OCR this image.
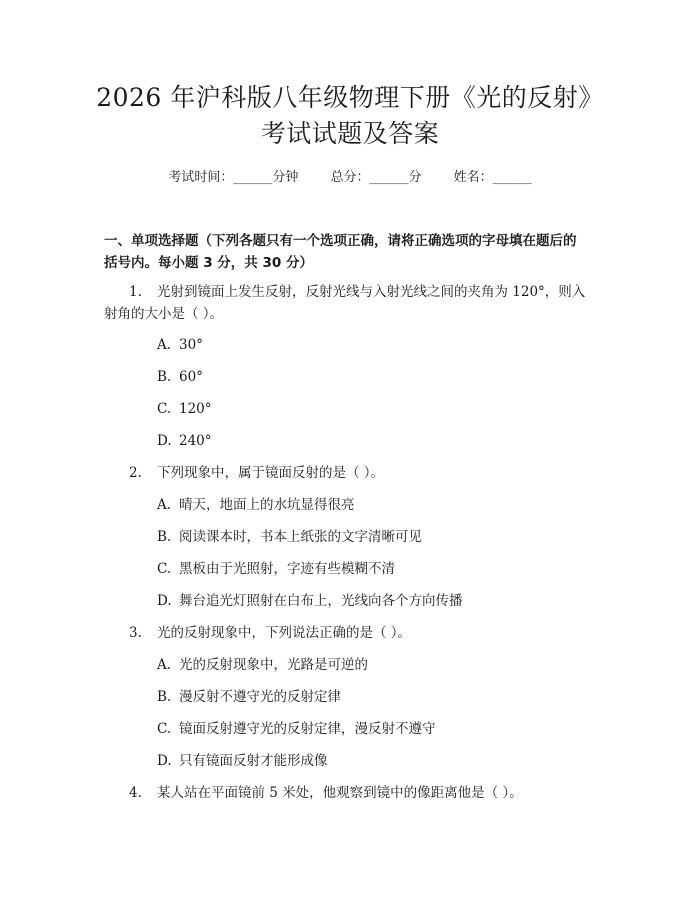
2026 年沪科版八年级物理下册《光的反射》
考试试题及答案
考试时间：______分钟 总分：______分 姓名：______
一、单项选择题（下列各题只有一个选项正确，请将正确选项的字母填在题后的
括号内。每小题 3 分，共 30 分）
1. 光射到镜面上发生反射，反射光线与入射光线之间的夹角为 120°，则入
射角的大小是（ ）。
A. 30°
B. 60°
C. 120°
D. 240°
2. 下列现象中，属于镜面反射的是（ ）。
A. 晴天，地面上的水坑显得很亮
B. 阅读课本时，书本上纸张的文字清晰可见
C. 黑板由于光照射，字迹有些模糊不清
D. 舞台追光灯照射在白布上，光线向各个方向传播
3. 光的反射现象中，下列说法正确的是（ ）。
A. 光的反射现象中，光路是可逆的
B. 漫反射不遵守光的反射定律
C. 镜面反射遵守光的反射定律，漫反射不遵守
D. 只有镜面反射才能形成像
4. 某人站在平面镜前 5 米处，他观察到镜中的像距离他是（ ）。
